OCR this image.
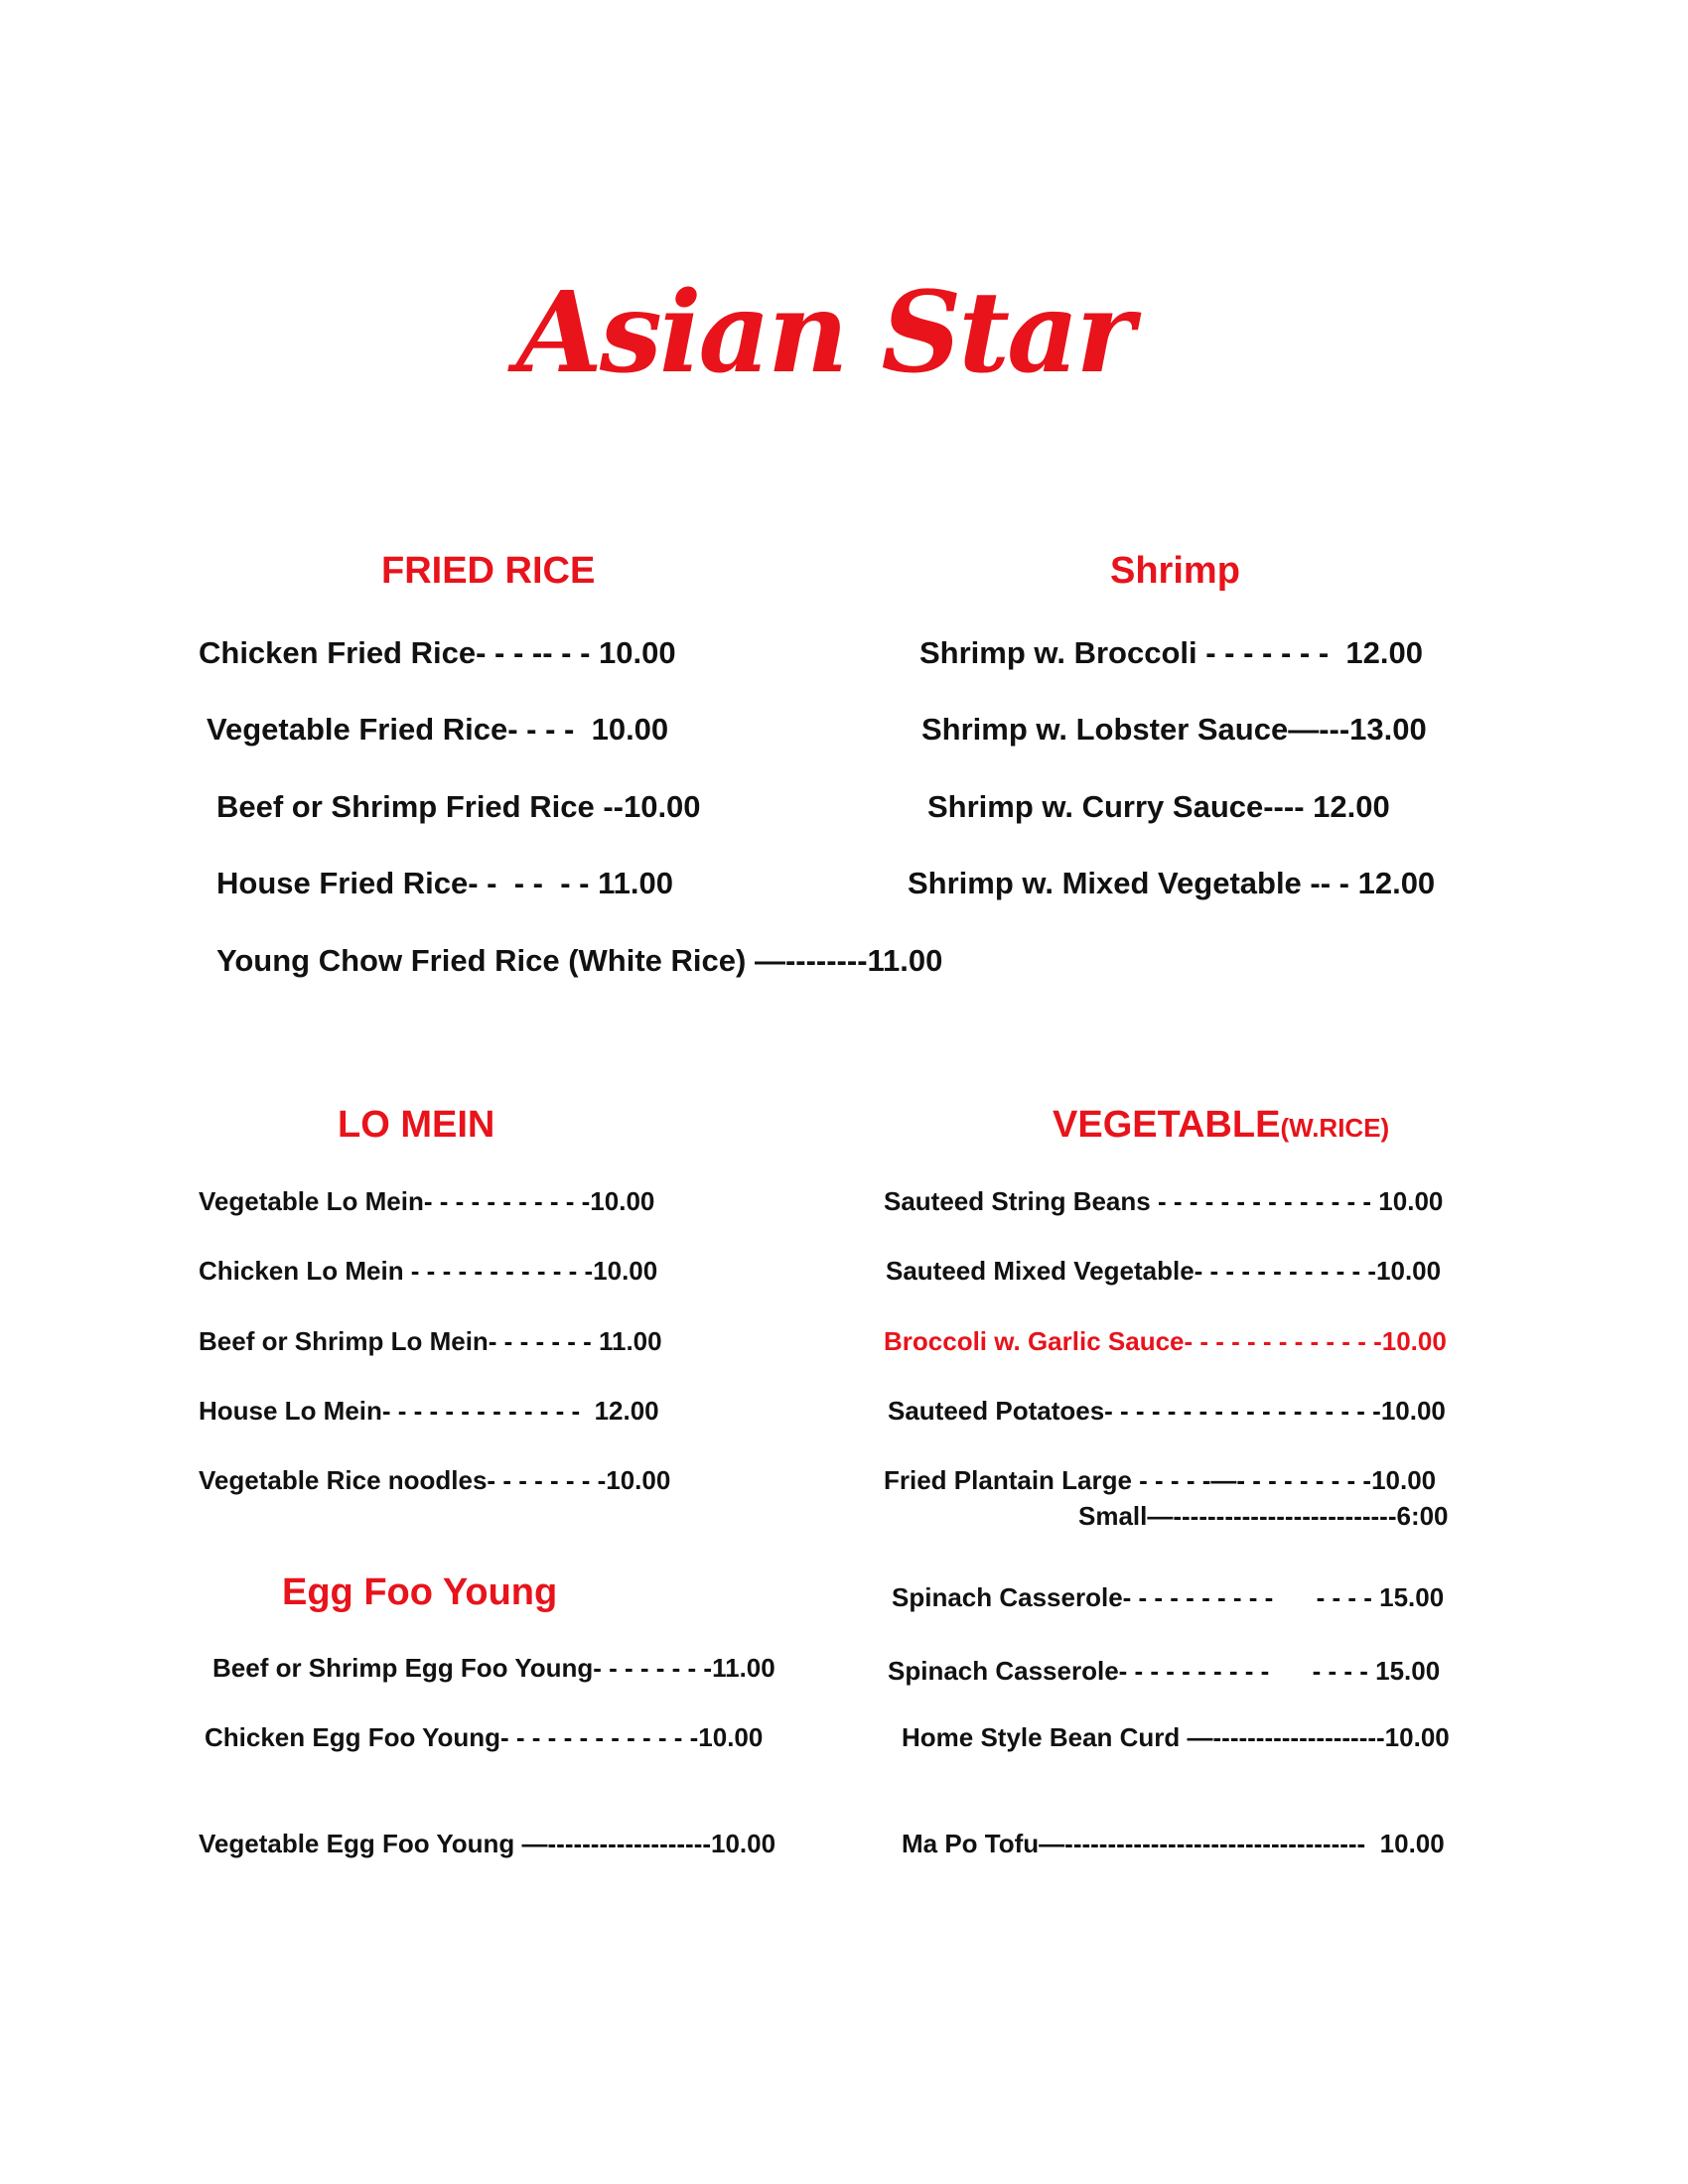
Asian Star
FRIED RICE
Chicken Fried Rice- - - -- - - 10.00
Vegetable Fried Rice- - - -  10.00
Beef or Shrimp Fried Rice --10.00
House Fried Rice- -  - -  - - 11.00
Young Chow Fried Rice (White Rice) —--------11.00
Shrimp
Shrimp w. Broccoli - - - - - - -  12.00
Shrimp w. Lobster Sauce—---13.00
Shrimp w. Curry Sauce---- 12.00
Shrimp w. Mixed Vegetable -- - 12.00
LO MEIN
Vegetable Lo Mein- - - - - - - - - - -10.00
Chicken Lo Mein - - - - - - - - - - - -10.00
Beef or Shrimp Lo Mein- - - - - - - 11.00
House Lo Mein- - - - - - - - - - - - -  12.00
Vegetable Rice noodles- - - - - - - -10.00
Egg Foo Young
Beef or Shrimp Egg Foo Young- - - - - - - -11.00
Chicken Egg Foo Young- - - - - - - - - - - - -10.00
Vegetable Egg Foo Young —-------------------10.00
VEGETABLE(W.RICE)
Sauteed String Beans - - - - - - - - - - - - - - 10.00
Sauteed Mixed Vegetable- - - - - - - - - - - -10.00
Broccoli w. Garlic Sauce- - - - - - - - - - - - -10.00
Sauteed Potatoes- - - - - - - - - - - - - - - - - -10.00
Fried Plantain Large - - - - -—- - - - - - - - -10.00
Small—--------------------------6:00
Spinach Casserole- - - - - - - - - -      - - - - 15.00
Spinach Casserole- - - - - - - - - -      - - - - 15.00
Home Style Bean Curd —--------------------10.00
Ma Po Tofu—-----------------------------------  10.00
